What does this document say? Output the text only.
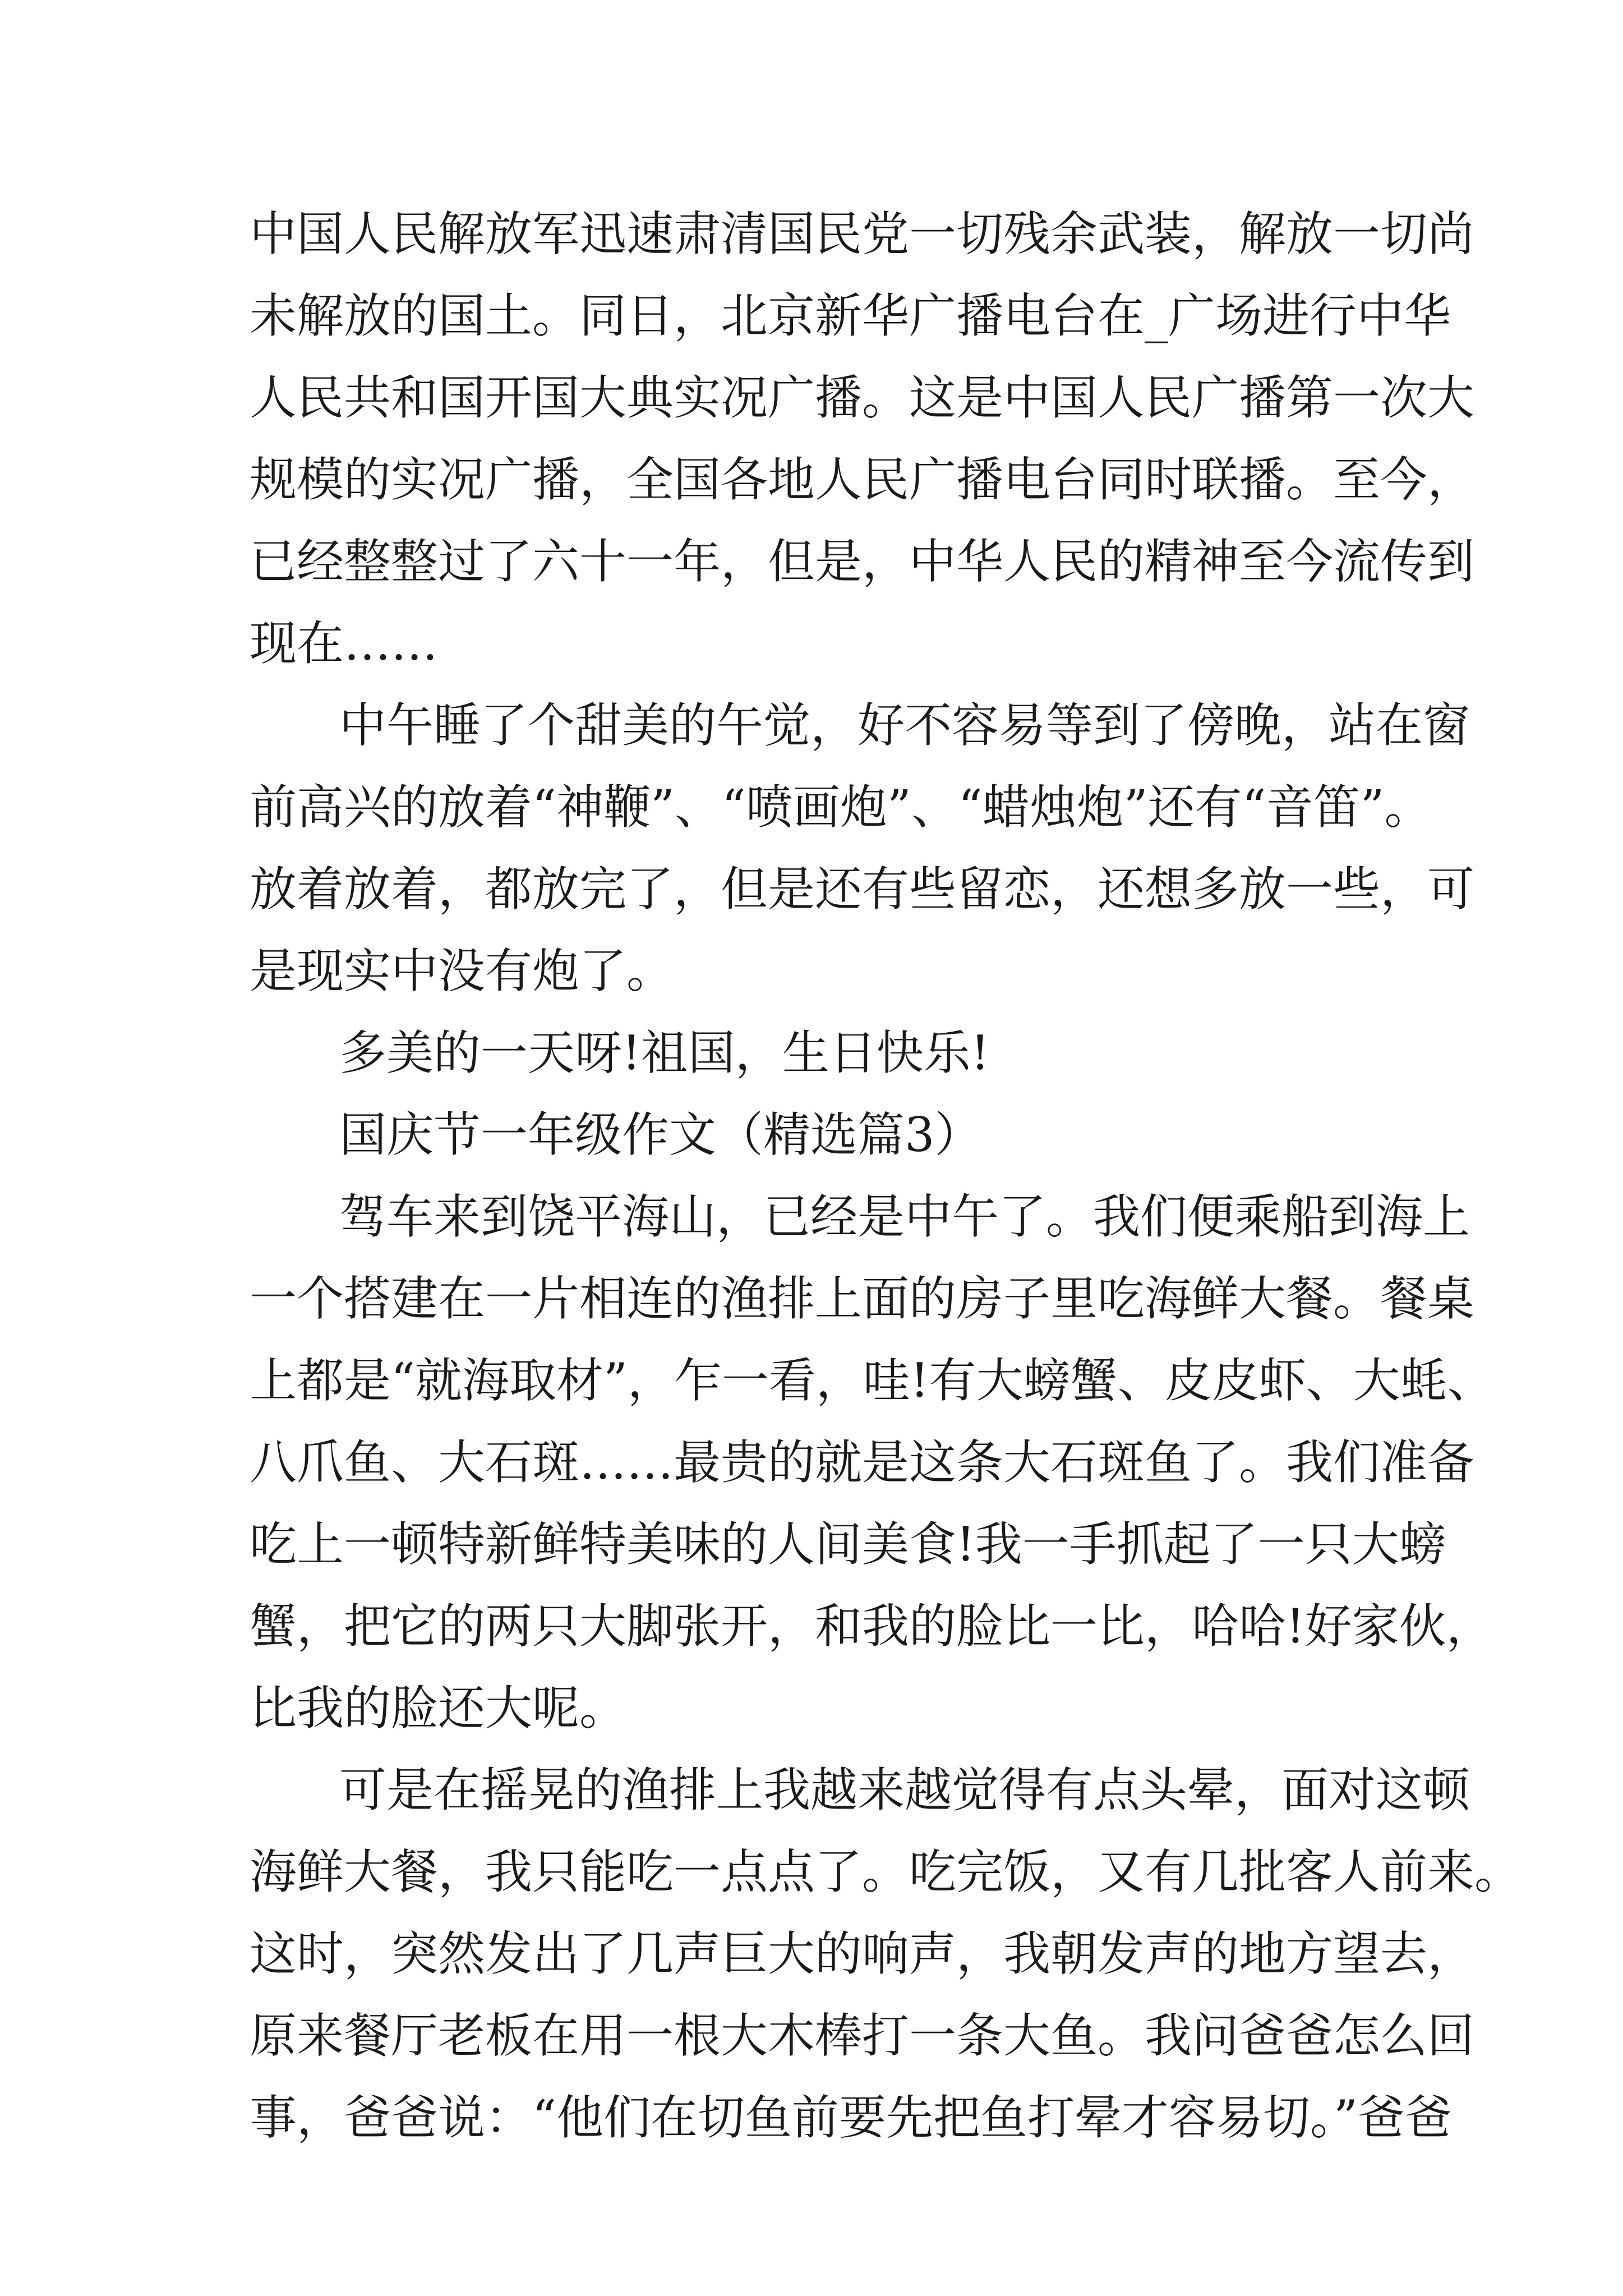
中国人民解放军迅速肃清国民党一切残余武装，解放一切尚
未解放的国土。同日，北京新华广播电台在_广场进行中华
人民共和国开国大典实况广播。这是中国人民广播第一次大
规模的实况广播，全国各地人民广播电台同时联播。至今，
已经整整过了六十一年，但是，中华人民的精神至今流传到
现在……
中午睡了个甜美的午觉，好不容易等到了傍晚，站在窗
前高兴的放着“神鞭”、“喷画炮”、“蜡烛炮”还有“音笛”。
放着放着，都放完了，但是还有些留恋，还想多放一些，可
是现实中没有炮了。
多美的一天呀!祖国，生日快乐!
国庆节一年级作文（精选篇3）
驾车来到饶平海山，已经是中午了。我们便乘船到海上
一个搭建在一片相连的渔排上面的房子里吃海鲜大餐。餐桌
上都是“就海取材”，乍一看，哇!有大螃蟹、皮皮虾、大蚝、
八爪鱼、大石斑……最贵的就是这条大石斑鱼了。我们准备
吃上一顿特新鲜特美味的人间美食!我一手抓起了一只大螃
蟹，把它的两只大脚张开，和我的脸比一比，哈哈!好家伙，
比我的脸还大呢。
可是在摇晃的渔排上我越来越觉得有点头晕，面对这顿
海鲜大餐，我只能吃一点点了。吃完饭，又有几批客人前来。
这时，突然发出了几声巨大的响声，我朝发声的地方望去，
原来餐厅老板在用一根大木棒打一条大鱼。我问爸爸怎么回
事，爸爸说：“他们在切鱼前要先把鱼打晕才容易切。”爸爸
